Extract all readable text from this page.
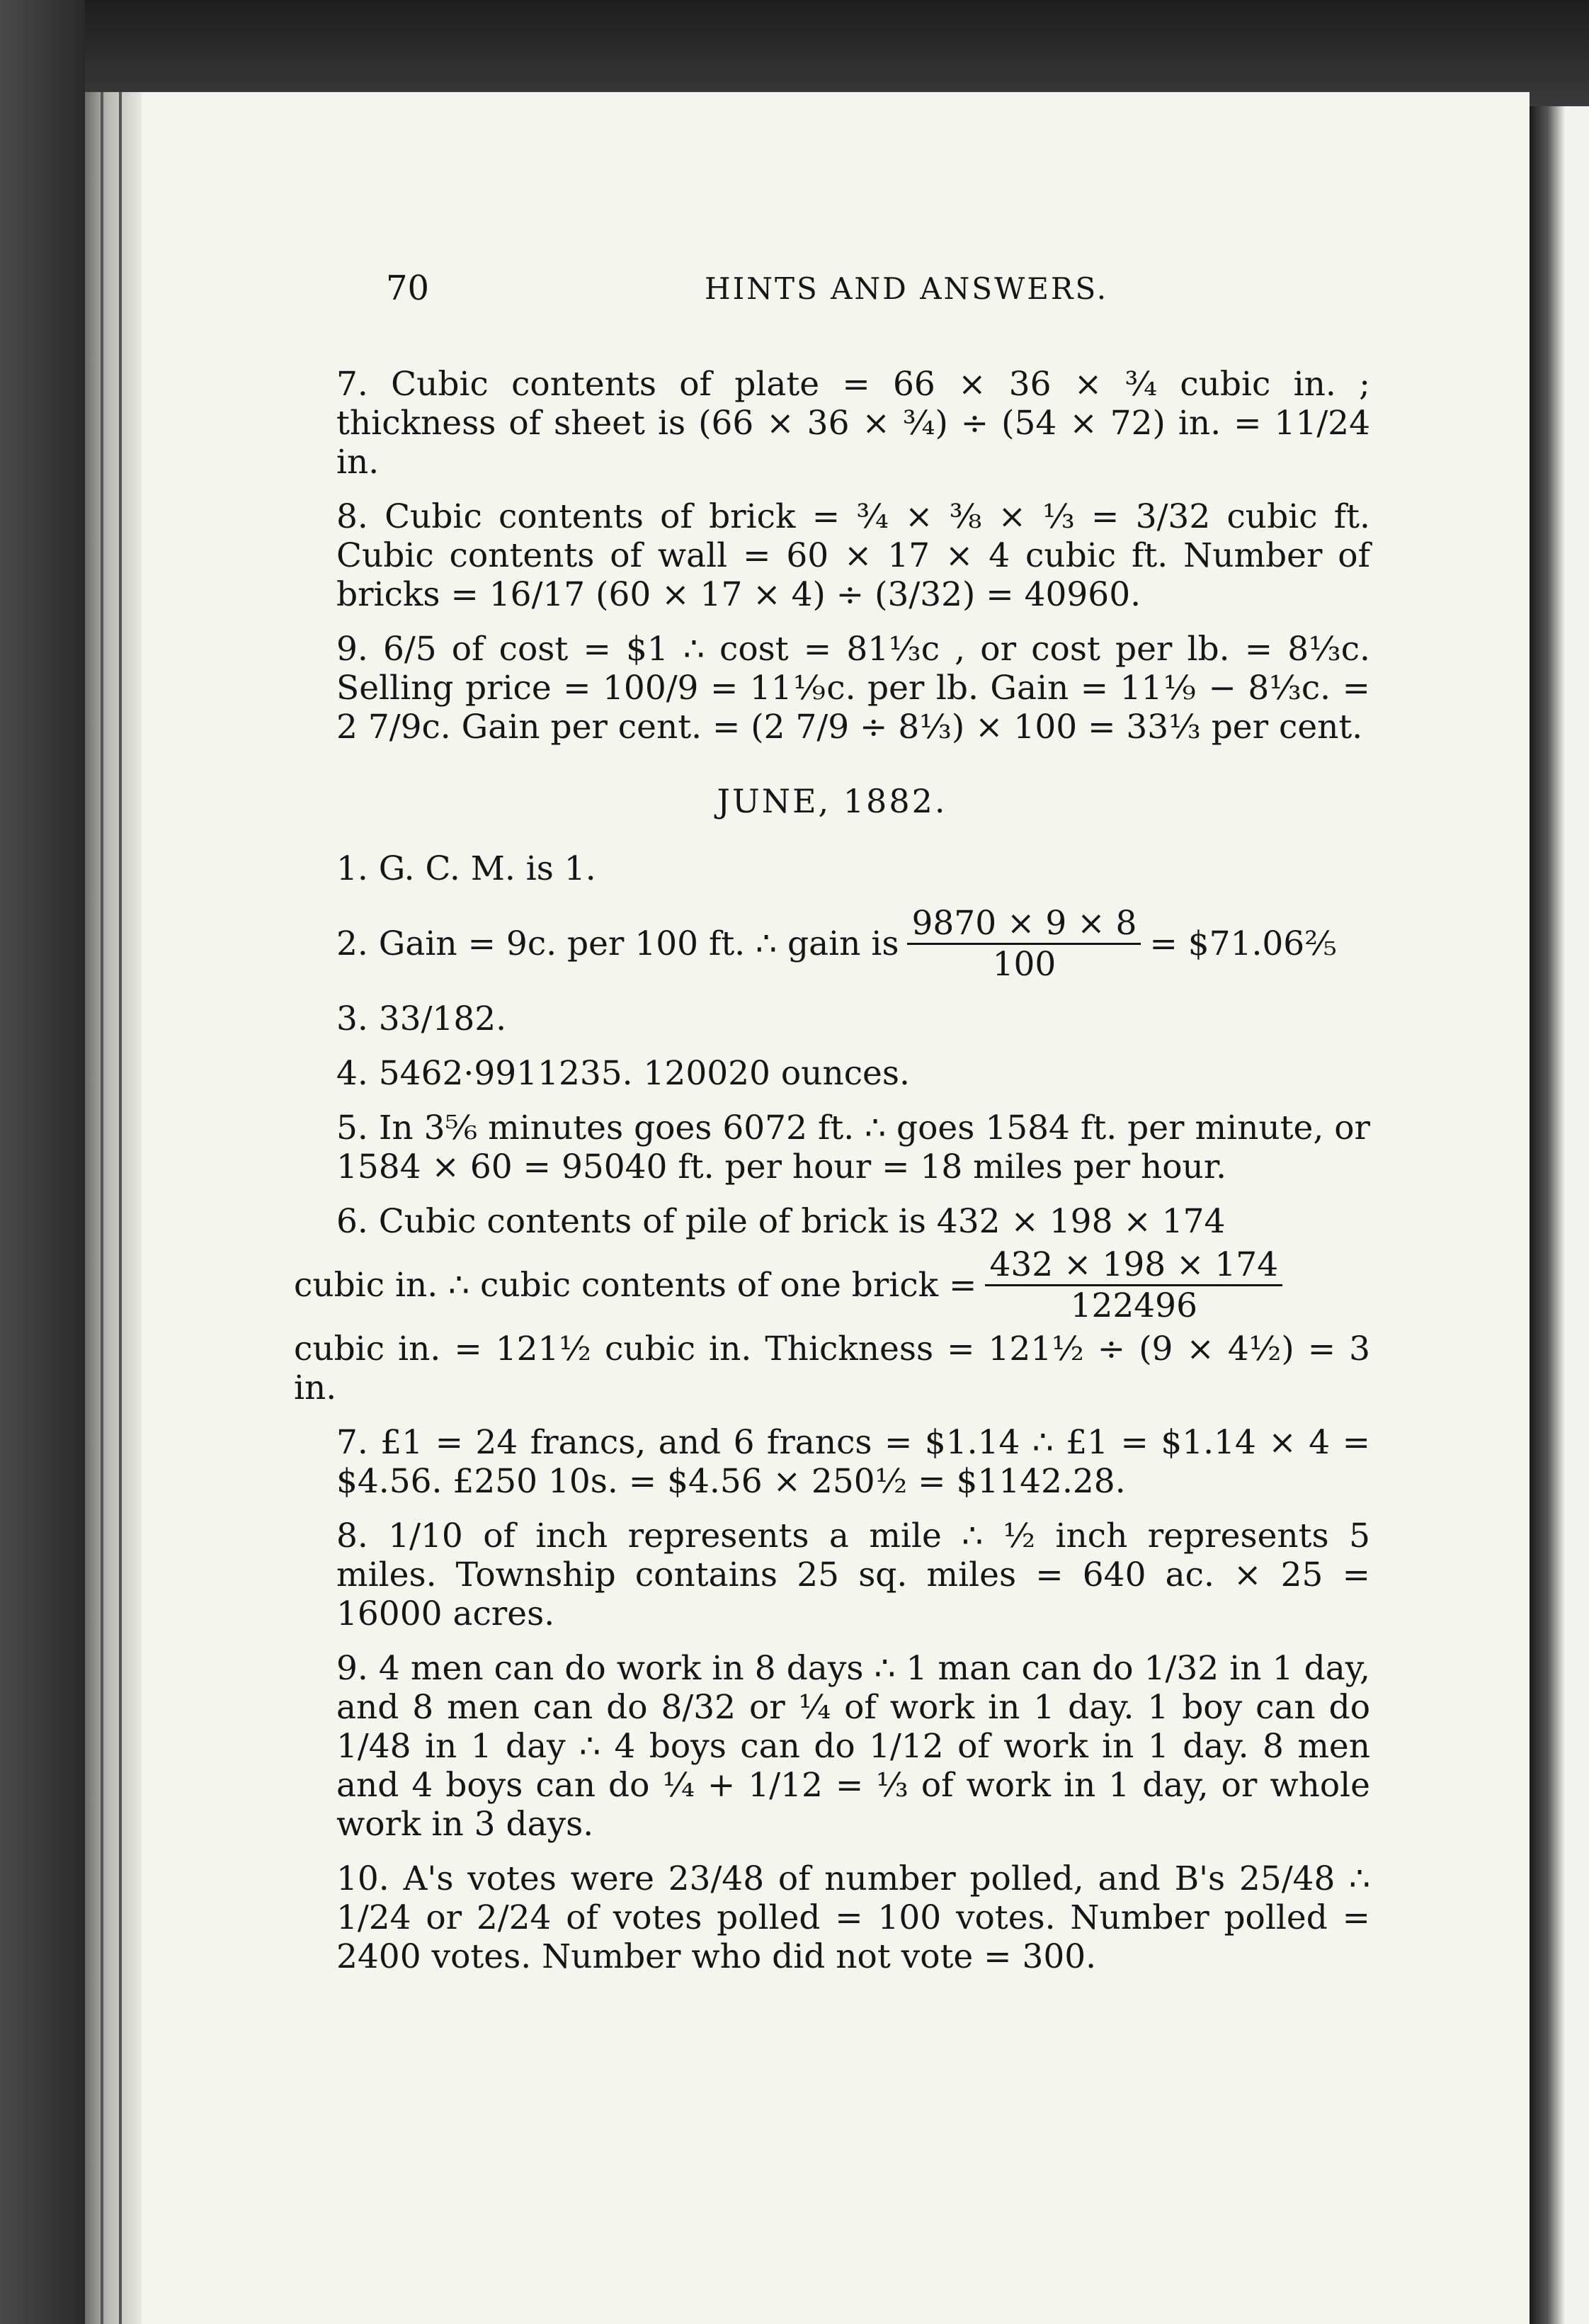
70	HINTS AND ANSWERS.

7. Cubic contents of plate = 66 × 36 × ¾ cubic in. ; thickness of sheet is (66 × 36 × ¾) ÷ (54 × 72) in. = 11/24 in.

8. Cubic contents of brick = ¾ × ⅜ × ⅓ = 3/32 cubic ft. Cubic contents of wall = 60 × 17 × 4 cubic ft. Number of bricks = 16/17 (60 × 17 × 4) ÷ (3/32) = 40960.

9. 6/5 of cost = $1 ∴ cost = 81⅓c , or cost per lb. = 8⅓c. Selling price = 100/9 = 11⅑c. per lb. Gain = 11⅑ − 8⅓c. = 2 7/9c. Gain per cent. = (2 7/9 ÷ 8⅓) × 100 = 33⅓ per cent.

JUNE, 1882.

1. G. C. M. is 1.

2. Gain = 9c. per 100 ft. ∴ gain is $\frac{9870 \times 9 \times 8}{100}$ = $71.06⅖

3. 33/182.

4. 5462·9911235. 120020 ounces.

5. In 3⅚ minutes goes 6072 ft. ∴ goes 1584 ft. per minute, or 1584 × 60 = 95040 ft. per hour = 18 miles per hour.

6. Cubic contents of pile of brick is 432 × 198 × 174

cubic in. ∴ cubic contents of one brick = $\frac{432 \times 198 \times 174}{122496}$

cubic in. = 121½ cubic in. Thickness = 121½ ÷ (9 × 4½) = 3 in.

7. £1 = 24 francs, and 6 francs = $1.14 ∴ £1 = $1.14 × 4 = $4.56. £250 10s. = $4.56 × 250½ = $1142.28.

8. 1/10 of inch represents a mile ∴ ½ inch represents 5 miles. Township contains 25 sq. miles = 640 ac. × 25 = 16000 acres.

9. 4 men can do work in 8 days ∴ 1 man can do 1/32 in 1 day, and 8 men can do 8/32 or ¼ of work in 1 day. 1 boy can do 1/48 in 1 day ∴ 4 boys can do 1/12 of work in 1 day. 8 men and 4 boys can do ¼ + 1/12 = ⅓ of work in 1 day, or whole work in 3 days.

10. A's votes were 23/48 of number polled, and B's 25/48 ∴ 1/24 or 2/24 of votes polled = 100 votes. Number polled = 2400 votes. Number who did not vote = 300.
